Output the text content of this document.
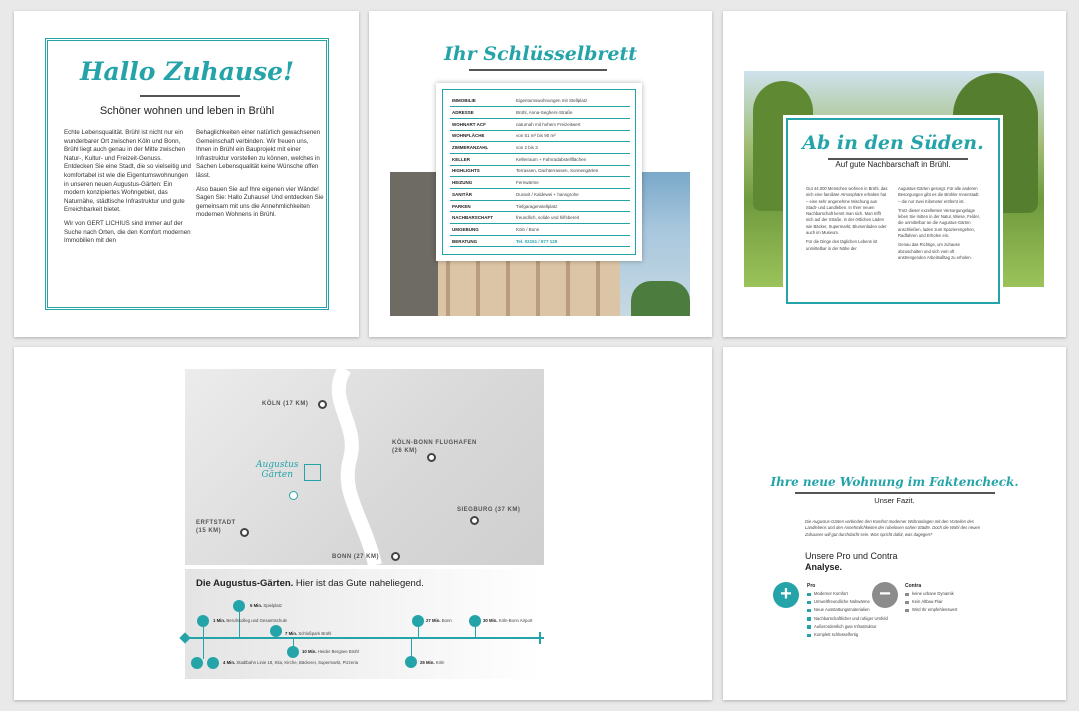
Hallo Zuhause!
Schöner wohnen und leben in Brühl

Echte Lebensqualität. Brühl ist nicht nur ein wunderbarer Ort zwischen Köln und Bonn, Brühl liegt auch genau in der Mitte zwischen Natur-, Kultur- und Freizeit-Genuss. Entdecken Sie eine Stadt, die so vielseitig und komfortabel ist wie die Eigentumswohnungen in unseren neuen Augustus-Gärten: Ein modern konzipiertes Wohngebiet, das Naturnähe, städtische Infrastruktur und gute Erreichbarkeit bietet.

Wir von GERT LICHIUS sind immer auf der Suche nach Orten, die den Komfort modernen Immobilien mit den

Behaglichkeiten einer natürlich gewachsenen Gemeinschaft verbinden. Wir freuen uns, Ihnen in Brühl ein Bauprojekt mit einer Infrastruktur vorstellen zu können, welches in Sachen Lebensqualität keine Wünsche offen lässt.

Also bauen Sie auf Ihre eigenen vier Wände! Sagen Sie: Hallo Zuhause! Und entdecken Sie gemeinsam mit uns die Annehmlichkeiten modernen Wohnens in Brühl.

Ihr Schlüsselbrett
IMMOBILIE	Eigentumswohnungen mit Stellplatz
ADRESSE	Brühl, Anna-Seghers-Straße
WOHNART ACF	naturnah mit hohem Freizeitwert
WOHNFLÄCHE	von 51 m² bis 90 m²
ZIMMERANZAHL	von 2 bis 3
KELLER	Kellerraum + Fahrradabstellflächen
HIGHLIGHTS	Terrassen, Dachterrassen, Sonnengärten
HEIZUNG	Fernwärme
SANITÄR	Duravit / Kaldewei + hansgrohe
PARKEN	Tiefgaragenstellplatz
NACHBARSCHAFT	freundlich, solide und hilfsbereit
UMGEBUNG	Köln / Bonn
BERATUNG	Tel. 02151 / 977 125
Ab in den Süden.
Auf gute Nachbarschaft in Brühl.

Gut 44.000 Menschen wohnen in Brühl, das sich eine familiäre Atmosphäre erhalten hat – eine sehr angenehme Mischung aus Stadt- und Landleben. In Ihrer neuen Nachbarschaft kennt man sich. Man trifft sich auf der Straße, in der örtlichen Läden wie Bäcker, Supermarkt, Blumenladen oder auch im Museum.

Für die Dinge des täglichen Lebens ist unmittelbar in der Nähe der

Augustus-Gärten gesorgt. Für alle anderen Besorgungen gibt es die Brühler Innenstadt – die nur zwei Kilometer entfernt ist.

Trotz dieser exzellenten Versorgungslage leben Sie mitten in der Natur. Wiese, Felder, die unmittelbar an die Augustus-Gärten anschließen, laden zum Spazierengehen, Radfahren und Erholen ein.

Genau das Richtige, um zuhause abzuschalten und sich vom oft anstrengenden Arbeitsalltag zu erholen.

KÖLN (17 KM)
KÖLN-BONN FLUGHAFEN
(26 KM)
SIEGBURG (37 KM)
ERFTSTADT
(15 KM)
BONN (27 KM)
Augustus
Gärten
Die Augustus-Gärten. Hier ist das Gute naheliegend.
5 Min. Spielplatz
1 Min. Berufskolleg und Gesamtschule
7 Min. Schloßpark Brühl
10 Min. Heider Bergsee Brühl
4 Min. Stadtbahn Linie 18, Kita, Kirche, Bäckerei, Supermarkt, Pizzeria
27 Min. Bonn	30 Min. Köln-Bonn Airport
25 Min. Köln
Ihre neue Wohnung im Faktencheck.
Unser Fazit.
Die Augustus-Gärten verbinden den Komfort moderner Wohnanlagen mit den Vorteilen des Landlebens und den Annehmlichkeiten der ruhelosen nahen Städte. Doch die Wahl des neuen Zuhauses will gut durchdacht sein. Was spricht dafür, was dagegen?
Unsere Pro und Contra
Analyse.
+	Pro
Moderner Komfort
Umweltfreundliche Nahwärme
Neue Ausstattungsmaterialien
Nachbarschaftlicher und ruhiger Umfeld
Außerordentlich gute Infrastruktur
Komplett schlüsselfertig
−	Contra
keine urbane Dynamik
Kein Altbau-Flair
Wird Ihr empfehlenswert
